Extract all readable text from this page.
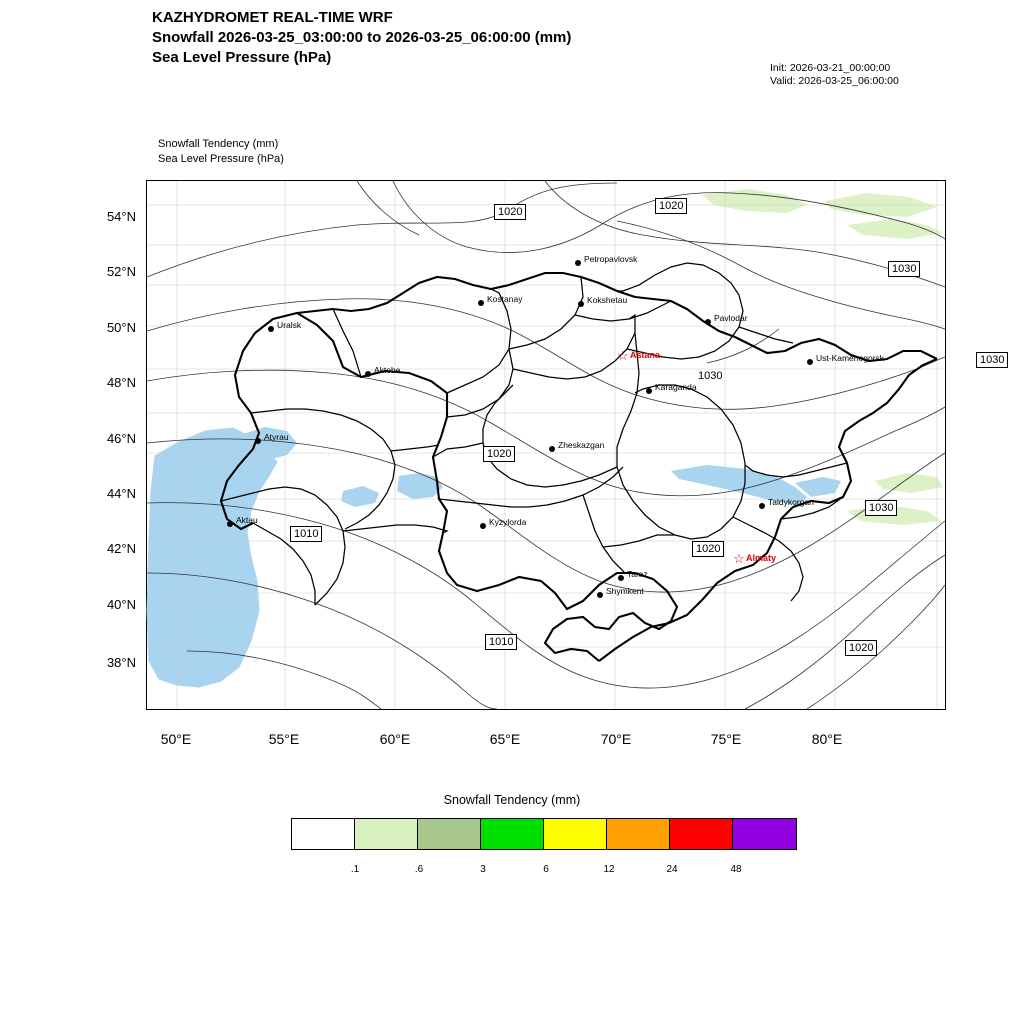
KAZHYDROMET REAL-TIME WRF
Snowfall 2026-03-25_03:00:00 to 2026-03-25_06:00:00 (mm)
Sea Level Pressure (hPa)
Init: 2026-03-21_00:00:00
Valid: 2026-03-25_06:00:00
Snowfall Tendency (mm)
Sea Level Pressure (hPa)
Petropavlovsk
Kostanay	Kokshetau
Pavlodar
Uralsk
Ust-Kamenogorsk
Aktobe
Karaganda
Atyrau
Zheskazgan
Taldykorgan
Aktau	Kyzylorda
Taraz
Shymkent
☆ Astana
☆ Almaty
1020	1020
1030
1030
1030
1020
1030
1020
1010
1010	1020
54°N
52°N
50°N
48°N
46°N
44°N
42°N
40°N
38°N
50°E	55°E	60°E	65°E	70°E	75°E	80°E
Snowfall Tendency (mm)
.1	.6	3	6	12	24	48
